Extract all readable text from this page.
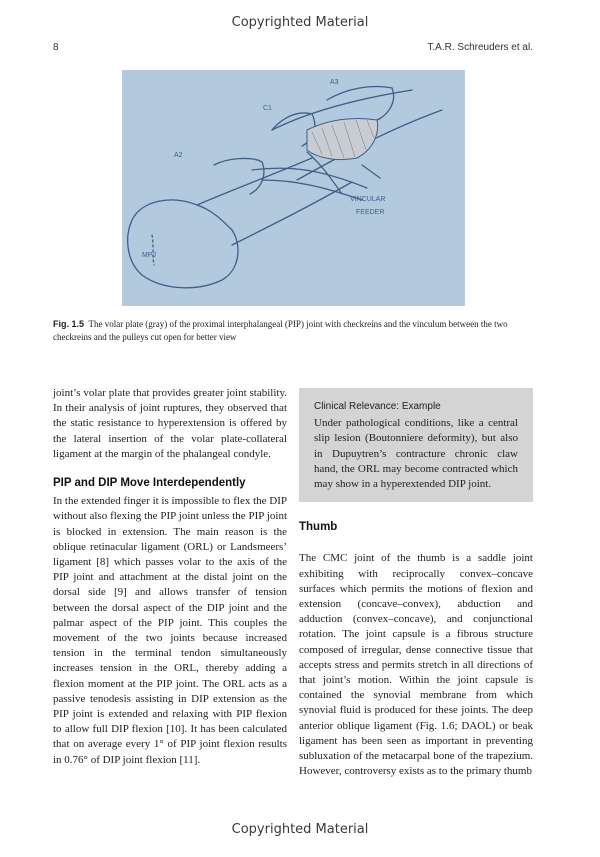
Copyrighted Material
8	T.A.R. Schreuders et al.
A3
C1
A2
VINCULAR
FEEDER
MPJ
Fig. 1.5 The volar plate (gray) of the proximal interphalangeal (PIP) joint with checkreins and the vinculum between the two checkreins and the pulleys cut open for better view

joint’s volar plate that provides greater joint stability. In their analysis of joint ruptures, they observed that the static resistance to hyperextension is offered by the lateral insertion of the volar plate-collateral ligament at the margin of the phalangeal condyle.

PIP and DIP Move Interdependently

In the extended finger it is impossible to flex the DIP without also flexing the PIP joint unless the PIP joint is blocked in extension. The main reason is the oblique retinacular ligament (ORL) or Landsmeers’ ligament [8] which passes volar to the axis of the PIP joint and attachment at the distal joint on the dorsal side [9] and allows transfer of tension between the dorsal aspect of the DIP joint and the palmar aspect of the PIP joint. This couples the movement of the two joints because increased tension in the terminal tendon simultaneously increases tension in the ORL, thereby adding a flexion moment at the PIP joint. The ORL acts as a passive tenodesis assisting in DIP extension as the PIP joint is extended and relaxing with PIP flexion to allow full DIP flexion [10]. It has been calculated that on average every 1° of PIP joint flexion results in 0.76° of DIP joint flexion [11].

Clinical Relevance: Example

Under pathological conditions, like a central slip lesion (Boutonniere deformity), but also in Dupuytren’s contracture chronic claw hand, the ORL may become contracted which may show in a hyperextended DIP joint.

Thumb

The CMC joint of the thumb is a saddle joint exhibiting with reciprocally convex–concave surfaces which permits the motions of flexion and extension (concave–convex), abduction and adduction (convex–concave), and conjunctional rotation. The joint capsule is a fibrous structure composed of irregular, dense connective tissue that accepts stress and permits stretch in all directions of that joint’s motion. Within the joint capsule is contained the synovial membrane from which synovial fluid is produced for these joints. The deep anterior oblique ligament (Fig. 1.6; DAOL) or beak ligament has been seen as important in preventing subluxation of the metacarpal bone of the trapezium. However, controversy exists as to the primary thumb

Copyrighted Material
